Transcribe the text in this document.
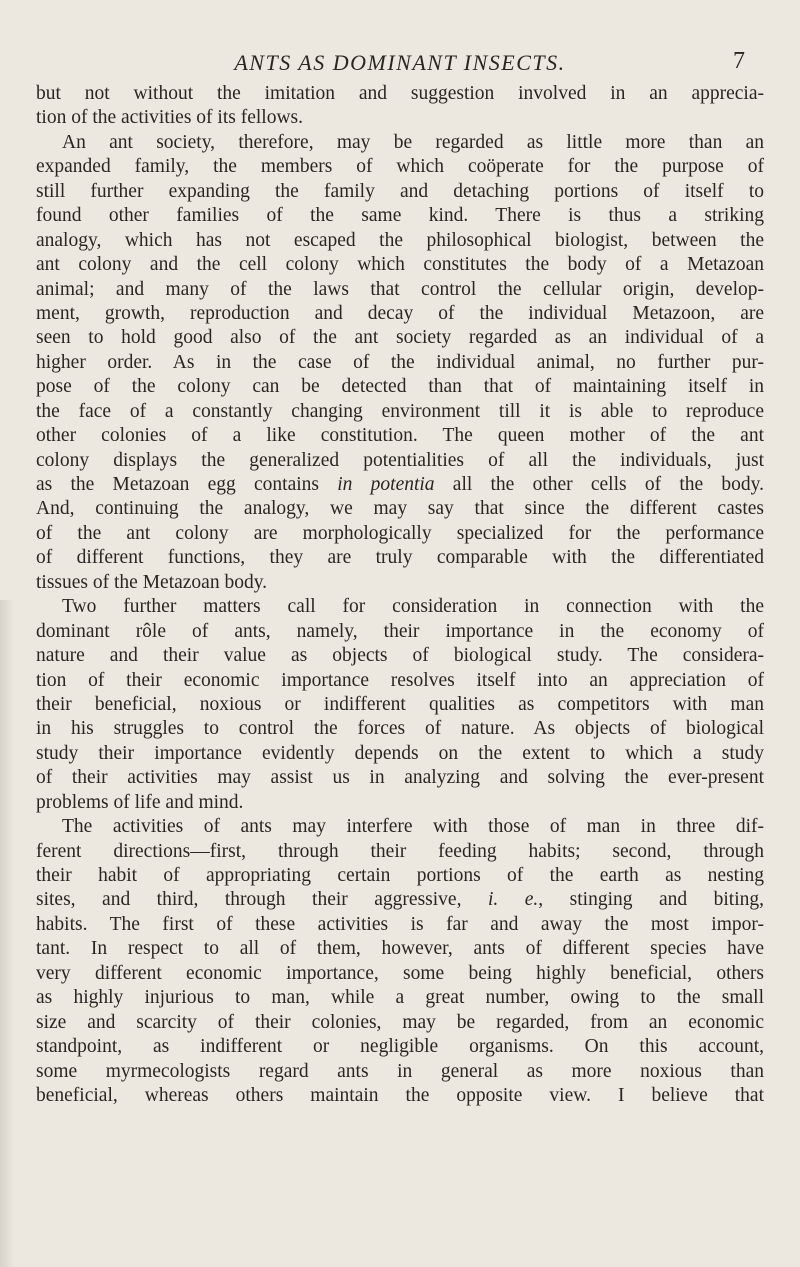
ANTS AS DOMINANT INSECTS.	7
but not without the imitation and suggestion involved in an apprecia-
tion of the activities of its fellows.
An ant society, therefore, may be regarded as little more than an
expanded family, the members of which coöperate for the purpose of
still further expanding the family and detaching portions of itself to
found other families of the same kind. There is thus a striking
analogy, which has not escaped the philosophical biologist, between the
ant colony and the cell colony which constitutes the body of a Metazoan
animal; and many of the laws that control the cellular origin, develop-
ment, growth, reproduction and decay of the individual Metazoon, are
seen to hold good also of the ant society regarded as an individual of a
higher order. As in the case of the individual animal, no further pur-
pose of the colony can be detected than that of maintaining itself in
the face of a constantly changing environment till it is able to reproduce
other colonies of a like constitution. The queen mother of the ant
colony displays the generalized potentialities of all the individuals, just
as the Metazoan egg contains in potentia all the other cells of the body.
And, continuing the analogy, we may say that since the different castes
of the ant colony are morphologically specialized for the performance
of different functions, they are truly comparable with the differentiated
tissues of the Metazoan body.
Two further matters call for consideration in connection with the
dominant rôle of ants, namely, their importance in the economy of
nature and their value as objects of biological study. The considera-
tion of their economic importance resolves itself into an appreciation of
their beneficial, noxious or indifferent qualities as competitors with man
in his struggles to control the forces of nature. As objects of biological
study their importance evidently depends on the extent to which a study
of their activities may assist us in analyzing and solving the ever-present
problems of life and mind.
The activities of ants may interfere with those of man in three dif-
ferent directions—first, through their feeding habits; second, through
their habit of appropriating certain portions of the earth as nesting
sites, and third, through their aggressive, i. e., stinging and biting,
habits. The first of these activities is far and away the most impor-
tant. In respect to all of them, however, ants of different species have
very different economic importance, some being highly beneficial, others
as highly injurious to man, while a great number, owing to the small
size and scarcity of their colonies, may be regarded, from an economic
standpoint, as indifferent or negligible organisms. On this account,
some myrmecologists regard ants in general as more noxious than
beneficial, whereas others maintain the opposite view. I believe that
